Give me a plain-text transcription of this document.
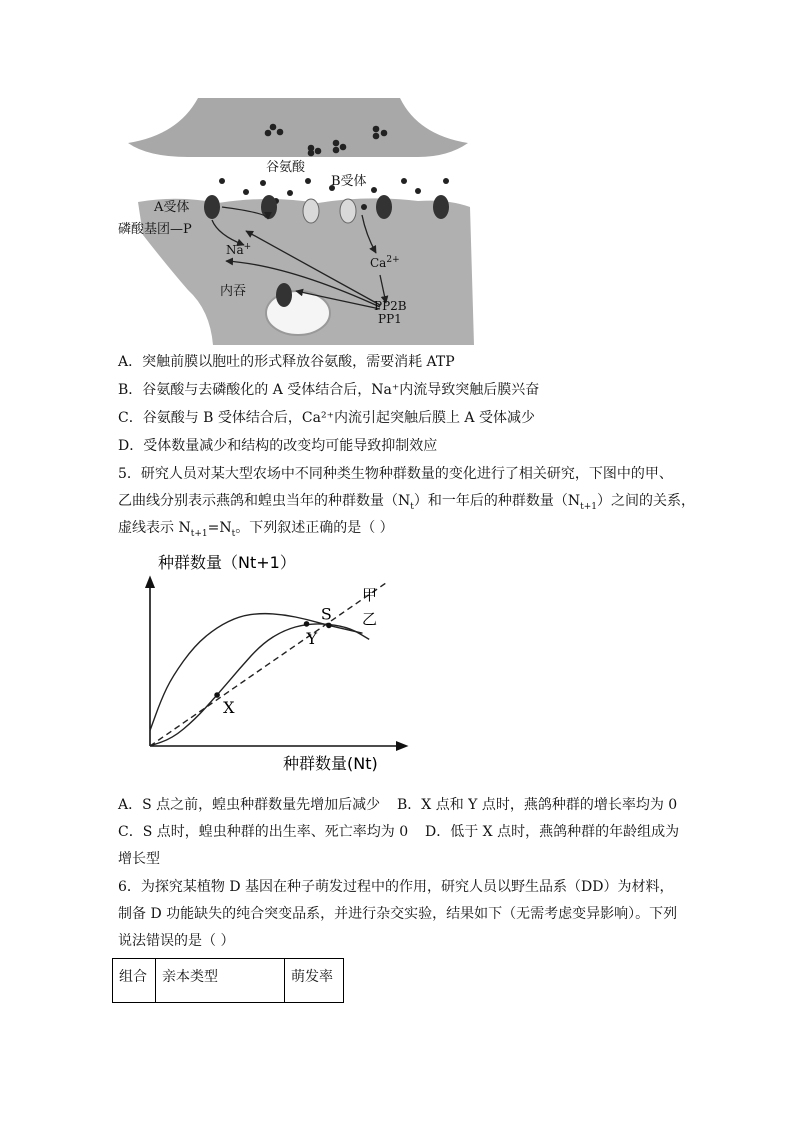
谷氨酸
B受体
A受体
磷酸基团—P
Na+
$Ca^{2+}$
内吞
PP2B
PP1
A．突触前膜以胞吐的形式释放谷氨酸，需要消耗 ATP
B．谷氨酸与去磷酸化的 A 受体结合后，Na⁺内流导致突触后膜兴奋
C．谷氨酸与 B 受体结合后，Ca²⁺内流引起突触后膜上 A 受体减少
D．受体数量减少和结构的改变均可能导致抑制效应
5．研究人员对某大型农场中不同种类生物种群数量的变化进行了相关研究，下图中的甲、
乙曲线分别表示燕鸽和蝗虫当年的种群数量$(N_t)$和一年后的种群数量$(N_{t+1})$之间的关系，
虚线表示 $N_{t+1}=N_t$。下列叙述正确的是（ ）
X
Y
S
种群数量（Nt+1）
种群数量(Nt)
甲
乙
A．S 点之前，蝗虫种群数量先增加后减少 B．X 点和 Y 点时，燕鸽种群的增长率均为 0
C．S 点时，蝗虫种群的出生率、死亡率均为 0 D．低于 X 点时，燕鸽种群的年龄组成为
增长型
6．为探究某植物 D 基因在种子萌发过程中的作用，研究人员以野生品系（DD）为材料，
制备 D 功能缺失的纯合突变品系，并进行杂交实验，结果如下（无需考虑变异影响）。下列
说法错误的是（ ）
组合	亲本类型	萌发率
